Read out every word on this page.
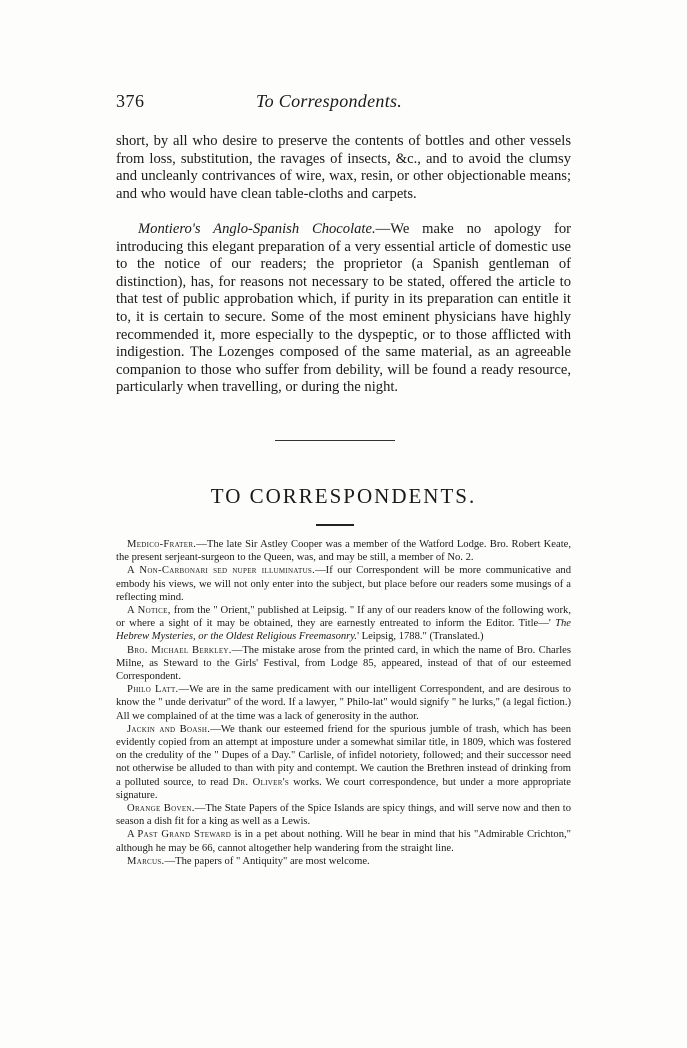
376	To Correspondents.

short, by all who desire to preserve the contents of bottles and other vessels from loss, substitution, the ravages of insects, &c., and to avoid the clumsy and uncleanly contrivances of wire, wax, resin, or other objectionable means; and who would have clean table-cloths and carpets.

Montiero's Anglo-Spanish Chocolate.—We make no apology for introducing this elegant preparation of a very essential article of domestic use to the notice of our readers; the proprietor (a Spanish gentleman of distinction), has, for reasons not necessary to be stated, offered the article to that test of public approbation which, if purity in its preparation can entitle it to, it is certain to secure. Some of the most eminent physicians have highly recommended it, more especially to the dyspeptic, or to those afflicted with indigestion. The Lozenges composed of the same material, as an agreeable companion to those who suffer from debility, will be found a ready resource, particularly when travelling, or during the night.

TO CORRESPONDENTS.

Medico-Frater.—The late Sir Astley Cooper was a member of the Watford Lodge. Bro. Robert Keate, the present serjeant-surgeon to the Queen, was, and may be still, a member of No. 2.

A Non-Carbonari sed nuper illuminatus.—If our Correspondent will be more communicative and embody his views, we will not only enter into the subject, but place before our readers some musings of a reflecting mind.

A Notice, from the " Orient," published at Leipsig. " If any of our readers know of the following work, or where a sight of it may be obtained, they are earnestly entreated to inform the Editor. Title—' The Hebrew Mysteries, or the Oldest Religious Freemasonry.' Leipsig, 1788." (Translated.)

Bro. Michael Berkley.—The mistake arose from the printed card, in which the name of Bro. Charles Milne, as Steward to the Girls' Festival, from Lodge 85, appeared, instead of that of our esteemed Correspondent.

Philo Latt.—We are in the same predicament with our intelligent Correspondent, and are desirous to know the " unde derivatur" of the word. If a lawyer, " Philo-lat" would signify " he lurks," (a legal fiction.) All we complained of at the time was a lack of generosity in the author.

Jackin and Boash.—We thank our esteemed friend for the spurious jumble of trash, which has been evidently copied from an attempt at imposture under a somewhat similar title, in 1809, which was fostered on the credulity of the " Dupes of a Day." Carlisle, of infidel notoriety, followed; and their successor need not otherwise be alluded to than with pity and contempt. We caution the Brethren instead of drinking from a polluted source, to read Dr. Oliver's works. We court correspondence, but under a more appropriate signature.

Orange Boven.—The State Papers of the Spice Islands are spicy things, and will serve now and then to season a dish fit for a king as well as a Lewis.

A Past Grand Steward is in a pet about nothing. Will he bear in mind that his "Admirable Crichton," although he may be 66, cannot altogether help wandering from the straight line.

Marcus.—The papers of " Antiquity" are most welcome.
